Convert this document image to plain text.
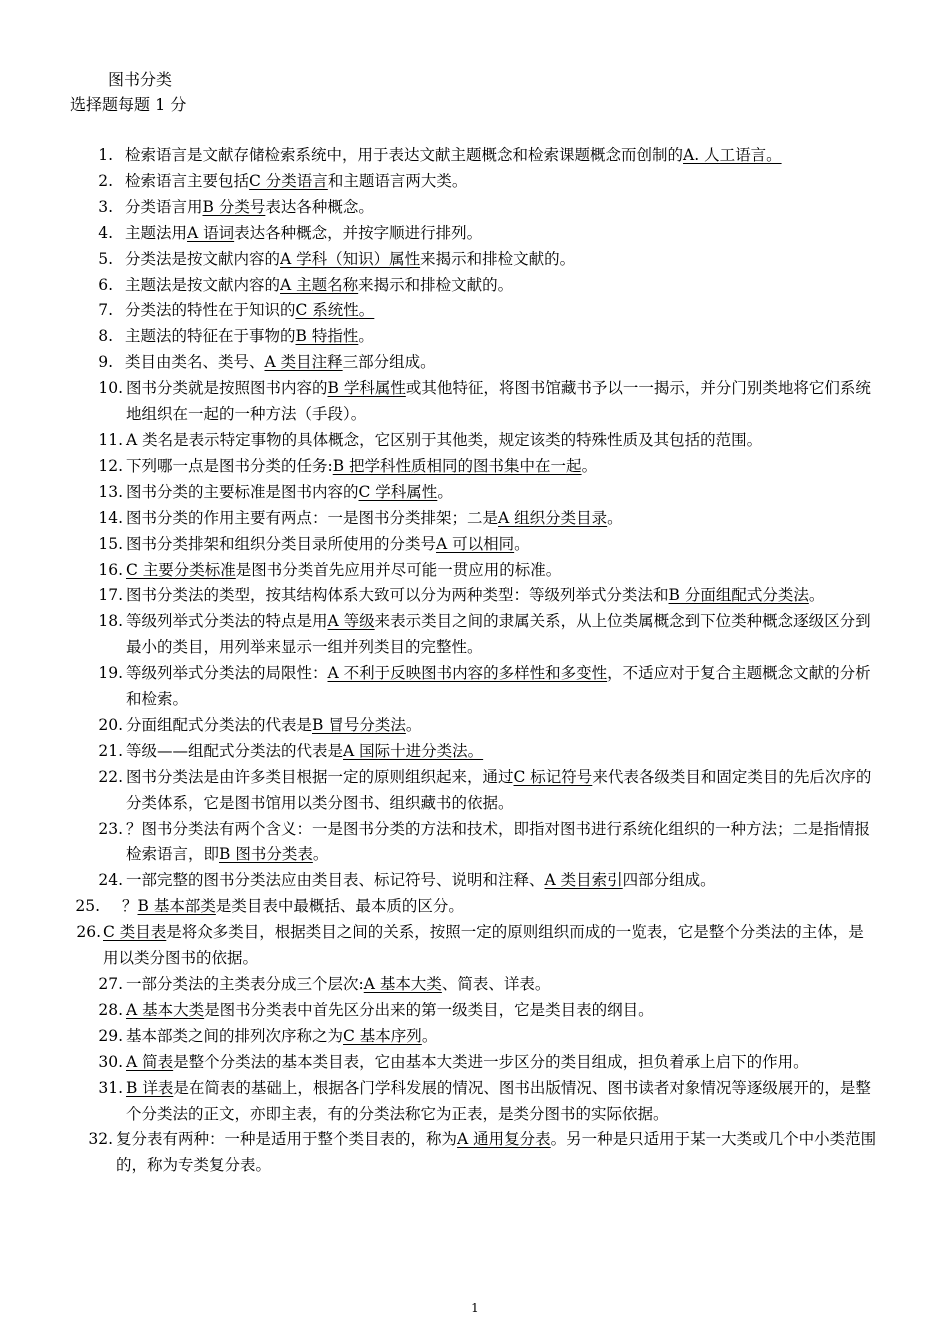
图书分类
选择题每题 1 分
1. 检索语言是文献存储检索系统中，用于表达文献主题概念和检索课题概念而创制的A. 人工语言。
2. 检索语言主要包括C 分类语言和主题语言两大类。
3. 分类语言用B 分类号表达各种概念。
4. 主题法用A 语词表达各种概念，并按字顺进行排列。
5. 分类法是按文献内容的A 学科（知识）属性来揭示和排检文献的。
6. 主题法是按文献内容的A 主题名称来揭示和排检文献的。
7. 分类法的特性在于知识的C 系统性。
8. 主题法的特征在于事物的B 特指性。
9. 类目由类名、类号、A 类目注释三部分组成。
10. 图书分类就是按照图书内容的B 学科属性或其他特征，将图书馆藏书予以一一揭示，并分门别类地将它们系统地组织在一起的一种方法（手段）。
11. A 类名是表示特定事物的具体概念，它区别于其他类，规定该类的特殊性质及其包括的范围。
12. 下列哪一点是图书分类的任务:B 把学科性质相同的图书集中在一起。
13. 图书分类的主要标准是图书内容的C 学科属性。
14. 图书分类的作用主要有两点：一是图书分类排架；二是A 组织分类目录。
15. 图书分类排架和组织分类目录所使用的分类号A 可以相同。
16. C 主要分类标准是图书分类首先应用并尽可能一贯应用的标准。
17. 图书分类法的类型，按其结构体系大致可以分为两种类型：等级列举式分类法和B 分面组配式分类法。
18. 等级列举式分类法的特点是用A 等级来表示类目之间的隶属关系，从上位类属概念到下位类种概念逐级区分到最小的类目，用列举来显示一组并列类目的完整性。
19. 等级列举式分类法的局限性：A 不利于反映图书内容的多样性和多变性，不适应对于复合主题概念文献的分析和检索。
20. 分面组配式分类法的代表是B 冒号分类法。
21. 等级——组配式分类法的代表是A 国际十进分类法。
22. 图书分类法是由许多类目根据一定的原则组织起来，通过C 标记符号来代表各级类目和固定类目的先后次序的分类体系，它是图书馆用以类分图书、组织藏书的依据。
23. ？图书分类法有两个含义：一是图书分类的方法和技术，即指对图书进行系统化组织的一种方法；二是指情报检索语言，即B 图书分类表。
24. 一部完整的图书分类法应由类目表、标记符号、说明和注释、A 类目索引四部分组成。
25. ？B 基本部类是类目表中最概括、最本质的区分。
26. C 类目表是将众多类目，根据类目之间的关系，按照一定的原则组织而成的一览表，它是整个分类法的主体，是用以类分图书的依据。
27. 一部分类法的主类表分成三个层次:A 基本大类、简表、详表。
28. A 基本大类是图书分类表中首先区分出来的第一级类目，它是类目表的纲目。
29. 基本部类之间的排列次序称之为C 基本序列。
30. A 简表是整个分类法的基本类目表，它由基本大类进一步区分的类目组成，担负着承上启下的作用。
31. B 详表是在简表的基础上，根据各门学科发展的情况、图书出版情况、图书读者对象情况等逐级展开的，是整个分类法的正文，亦即主表，有的分类法称它为正表，是类分图书的实际依据。
32. 复分表有两种：一种是适用于整个类目表的，称为A 通用复分表。另一种是只适用于某一大类或几个中小类范围的，称为专类复分表。
1
